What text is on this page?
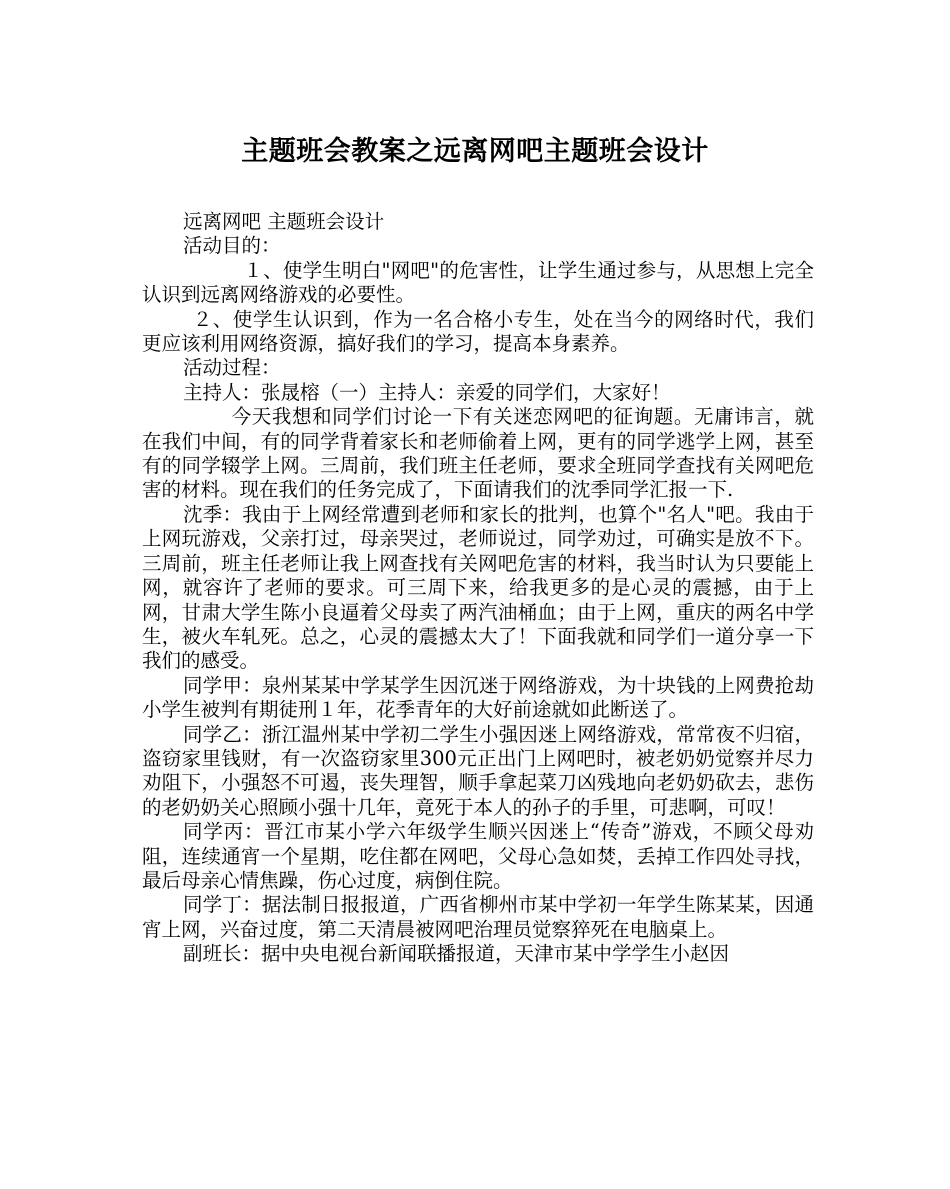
主题班会教案之远离网吧主题班会设计

远离网吧 主题班会设计

活动目的：

１、使学生明白"网吧"的危害性，让学生通过参与，从思想上完全认识到远离网络游戏的必要性。

２、使学生认识到，作为一名合格小专生，处在当今的网络时代，我们更应该利用网络资源，搞好我们的学习，提高本身素养。

活动过程：

主持人：张晟榕（一）主持人：亲爱的同学们，大家好！

今天我想和同学们讨论一下有关迷恋网吧的征询题。无庸讳言，就在我们中间，有的同学背着家长和老师偷着上网，更有的同学逃学上网，甚至有的同学辍学上网。三周前，我们班主任老师，要求全班同学查找有关网吧危害的材料。现在我们的任务完成了，下面请我们的沈季同学汇报一下.

沈季：我由于上网经常遭到老师和家长的批判，也算个"名人"吧。我由于上网玩游戏，父亲打过，母亲哭过，老师说过，同学劝过，可确实是放不下。三周前，班主任老师让我上网查找有关网吧危害的材料，我当时认为只要能上网，就容许了老师的要求。可三周下来，给我更多的是心灵的震撼，由于上网，甘肃大学生陈小良逼着父母卖了两汽油桶血；由于上网，重庆的两名中学生，被火车轧死。总之，心灵的震撼太大了！下面我就和同学们一道分享一下我们的感受。

同学甲：泉州某某中学某学生因沉迷于网络游戏，为十块钱的上网费抢劫小学生被判有期徒刑１年，花季青年的大好前途就如此断送了。

同学乙：浙江温州某中学初二学生小强因迷上网络游戏，常常夜不归宿，盗窃家里钱财，有一次盗窃家里300元正出门上网吧时，被老奶奶觉察并尽力劝阻下，小强怒不可遏，丧失理智，顺手拿起菜刀凶残地向老奶奶砍去，悲伤的老奶奶关心照顾小强十几年，竟死于本人的孙子的手里，可悲啊，可叹！

同学丙：晋江市某小学六年级学生顺兴因迷上“传奇”游戏，不顾父母劝阻，连续通宵一个星期，吃住都在网吧，父母心急如焚，丢掉工作四处寻找，最后母亲心情焦躁，伤心过度，病倒住院。

同学丁：据法制日报报道，广西省柳州市某中学初一年学生陈某某，因通宵上网，兴奋过度，第二天清晨被网吧治理员觉察猝死在电脑桌上。

副班长：据中央电视台新闻联播报道，天津市某中学学生小赵因
